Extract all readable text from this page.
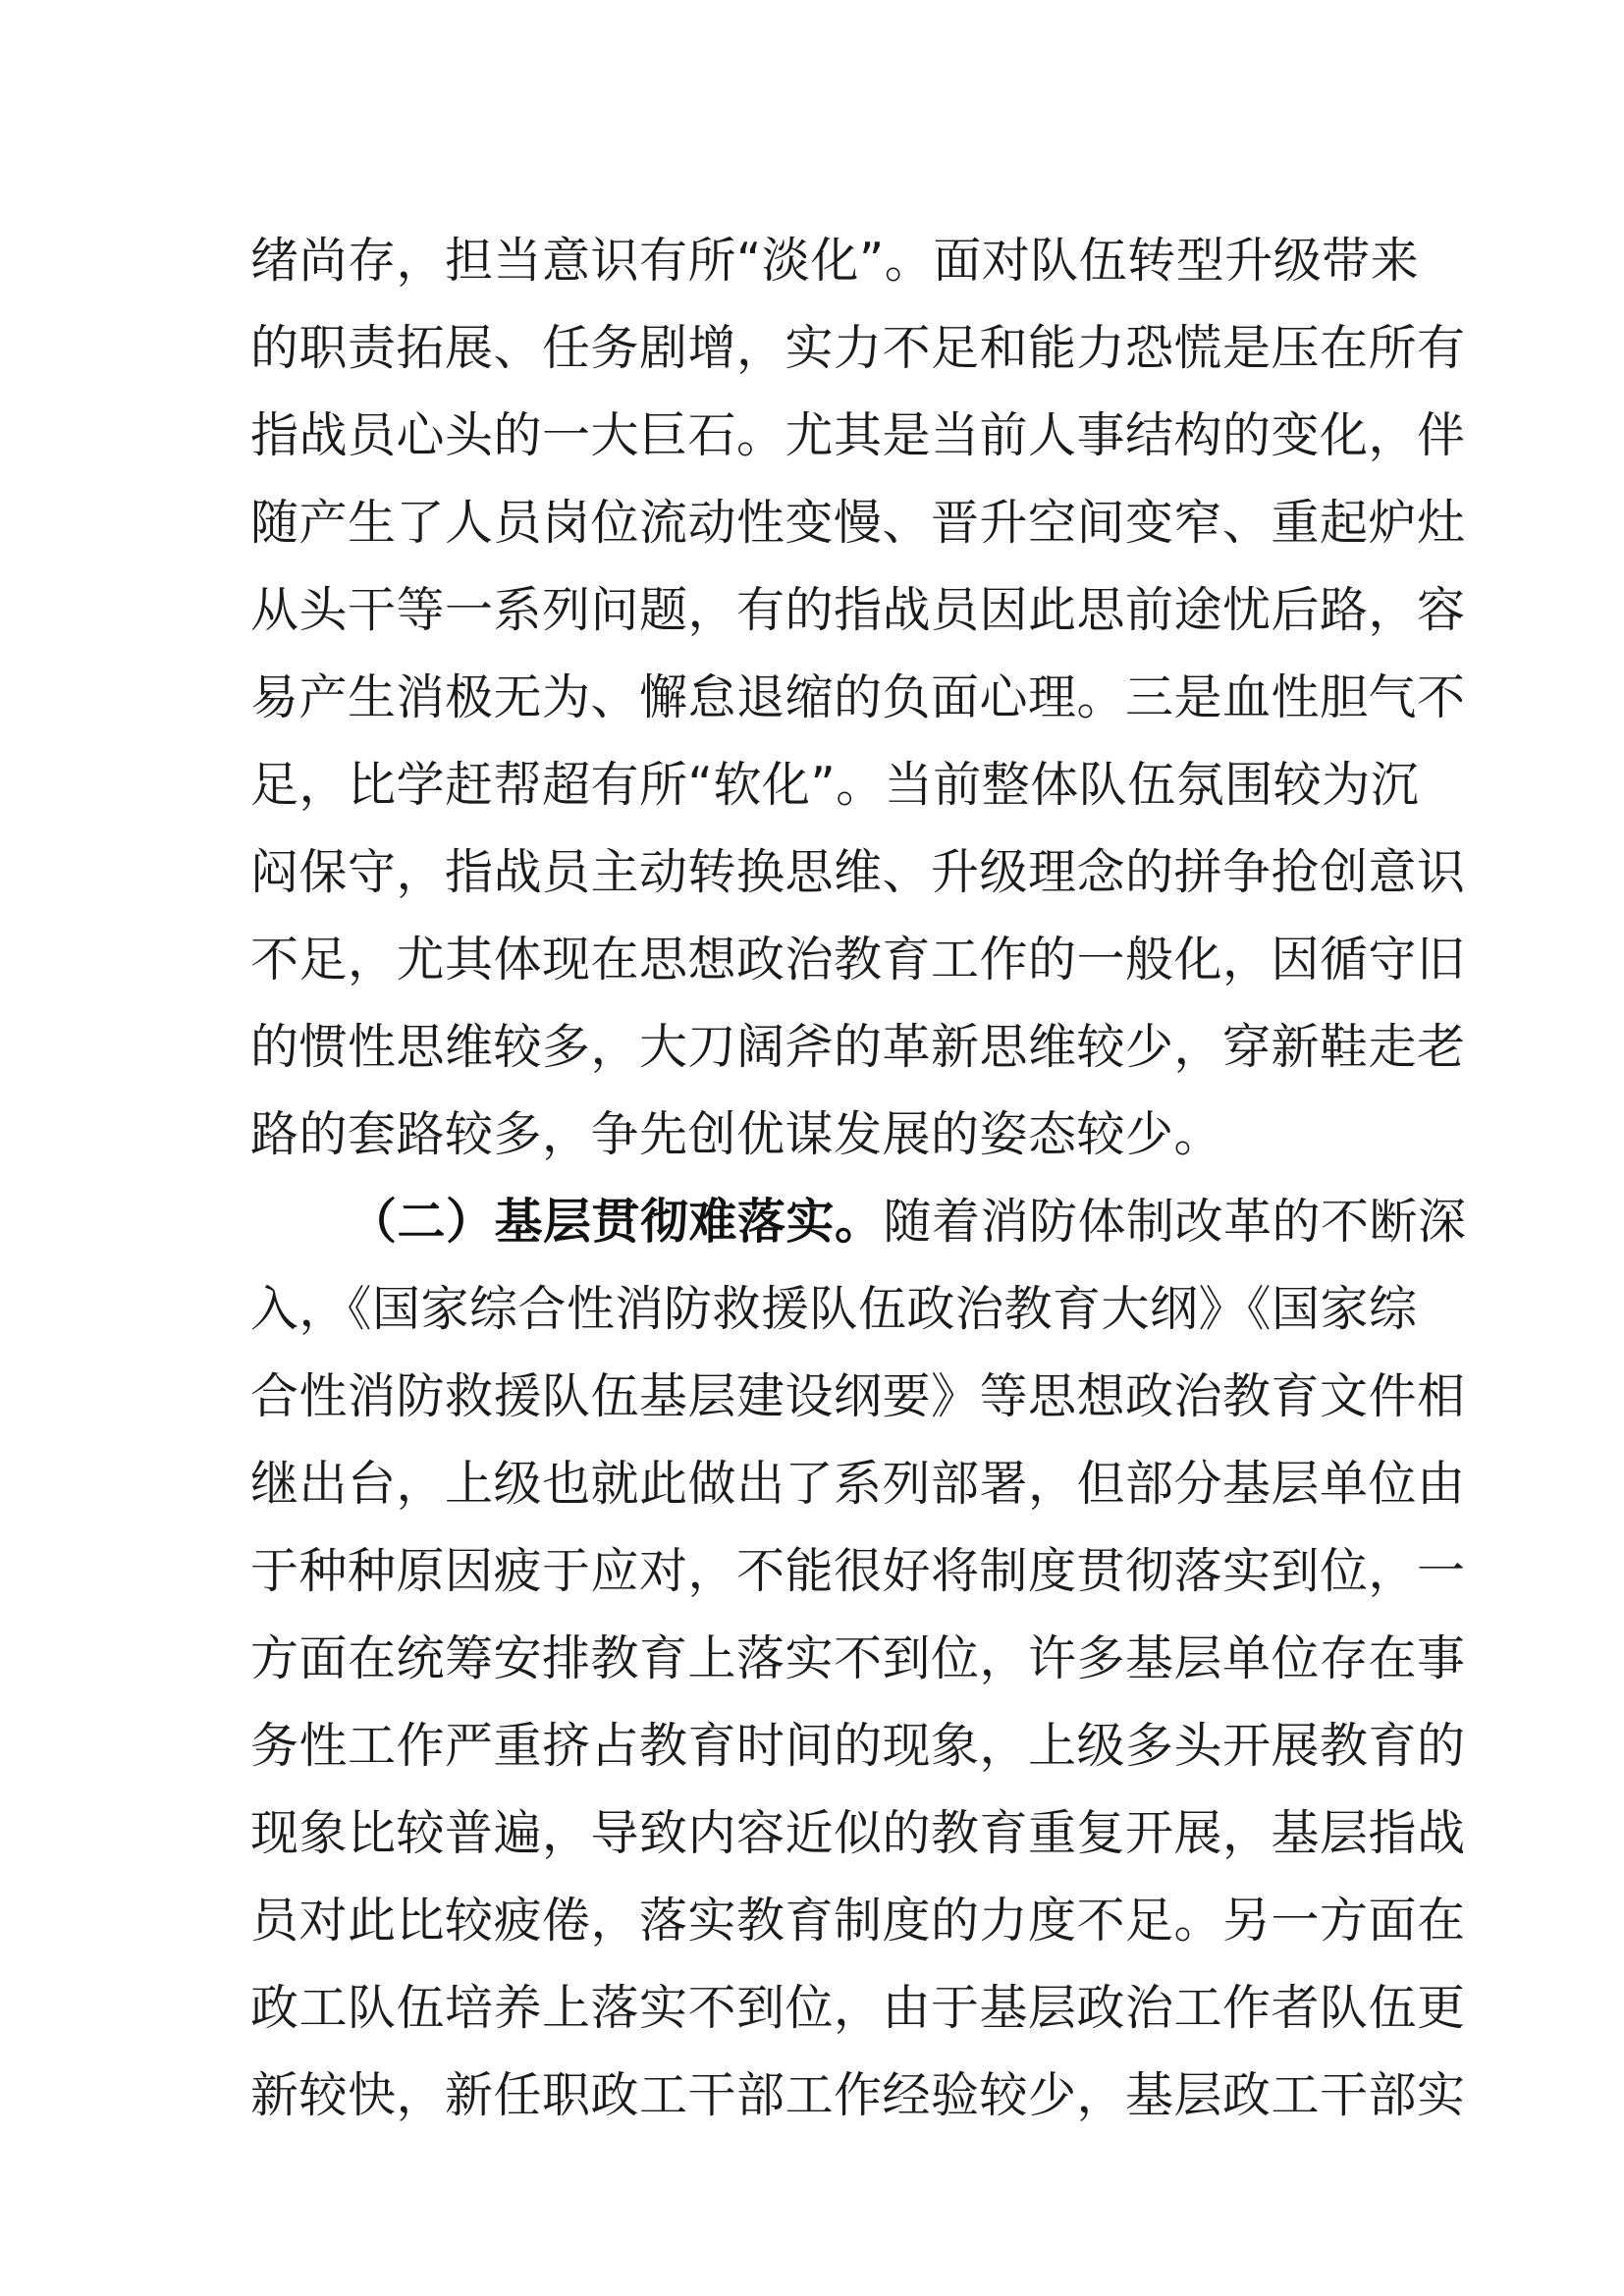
绪尚存，担当意识有所“淡化”。面对队伍转型升级带来
的职责拓展、任务剧增，实力不足和能力恐慌是压在所有
指战员心头的一大巨石。尤其是当前人事结构的变化，伴
随产生了人员岗位流动性变慢、晋升空间变窄、重起炉灶
从头干等一系列问题，有的指战员因此思前途忧后路，容
易产生消极无为、懈怠退缩的负面心理。三是血性胆气不
足，比学赶帮超有所“软化”。当前整体队伍氛围较为沉
闷保守，指战员主动转换思维、升级理念的拼争抢创意识
不足，尤其体现在思想政治教育工作的一般化，因循守旧
的惯性思维较多，大刀阔斧的革新思维较少，穿新鞋走老
路的套路较多，争先创优谋发展的姿态较少。
（二）基层贯彻难落实。随着消防体制改革的不断深
入，《国家综合性消防救援队伍政治教育大纲》《国家综
合性消防救援队伍基层建设纲要》等思想政治教育文件相
继出台，上级也就此做出了系列部署，但部分基层单位由
于种种原因疲于应对，不能很好将制度贯彻落实到位，一
方面在统筹安排教育上落实不到位，许多基层单位存在事
务性工作严重挤占教育时间的现象，上级多头开展教育的
现象比较普遍，导致内容近似的教育重复开展，基层指战
员对此比较疲倦，落实教育制度的力度不足。另一方面在
政工队伍培养上落实不到位，由于基层政治工作者队伍更
新较快，新任职政工干部工作经验较少，基层政工干部实
